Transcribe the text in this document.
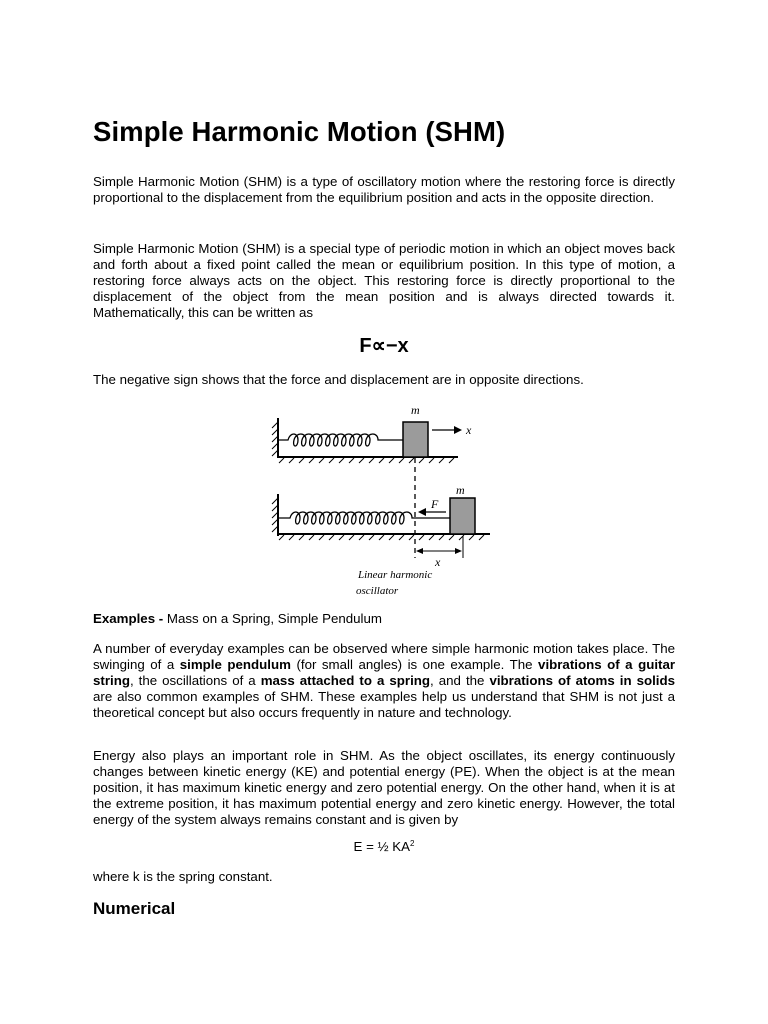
Simple Harmonic Motion (SHM)

Simple Harmonic Motion (SHM) is a type of oscillatory motion where the restoring force is directly proportional to the displacement from the equilibrium position and acts in the opposite direction.

Simple Harmonic Motion (SHM) is a special type of periodic motion in which an object moves back and forth about a fixed point called the mean or equilibrium position. In this type of motion, a restoring force always acts on the object. This restoring force is directly proportional to the displacement of the object from the mean position and is always directed towards it. Mathematically, this can be written as

F∝−x

The negative sign shows that the force and displacement are in opposite directions.

m
x
m
F
x
Linear harmonic
oscillator

Examples - Mass on a Spring, Simple Pendulum

A number of everyday examples can be observed where simple harmonic motion takes place. The swinging of a simple pendulum (for small angles) is one example. The vibrations of a guitar string, the oscillations of a mass attached to a spring, and the vibrations of atoms in solids are also common examples of SHM. These examples help us understand that SHM is not just a theoretical concept but also occurs frequently in nature and technology.

Energy also plays an important role in SHM. As the object oscillates, its energy continuously changes between kinetic energy (KE) and potential energy (PE). When the object is at the mean position, it has maximum kinetic energy and zero potential energy. On the other hand, when it is at the extreme position, it has maximum potential energy and zero kinetic energy. However, the total energy of the system always remains constant and is given by

E = ½ $KA^2$

where k is the spring constant.

Numerical
